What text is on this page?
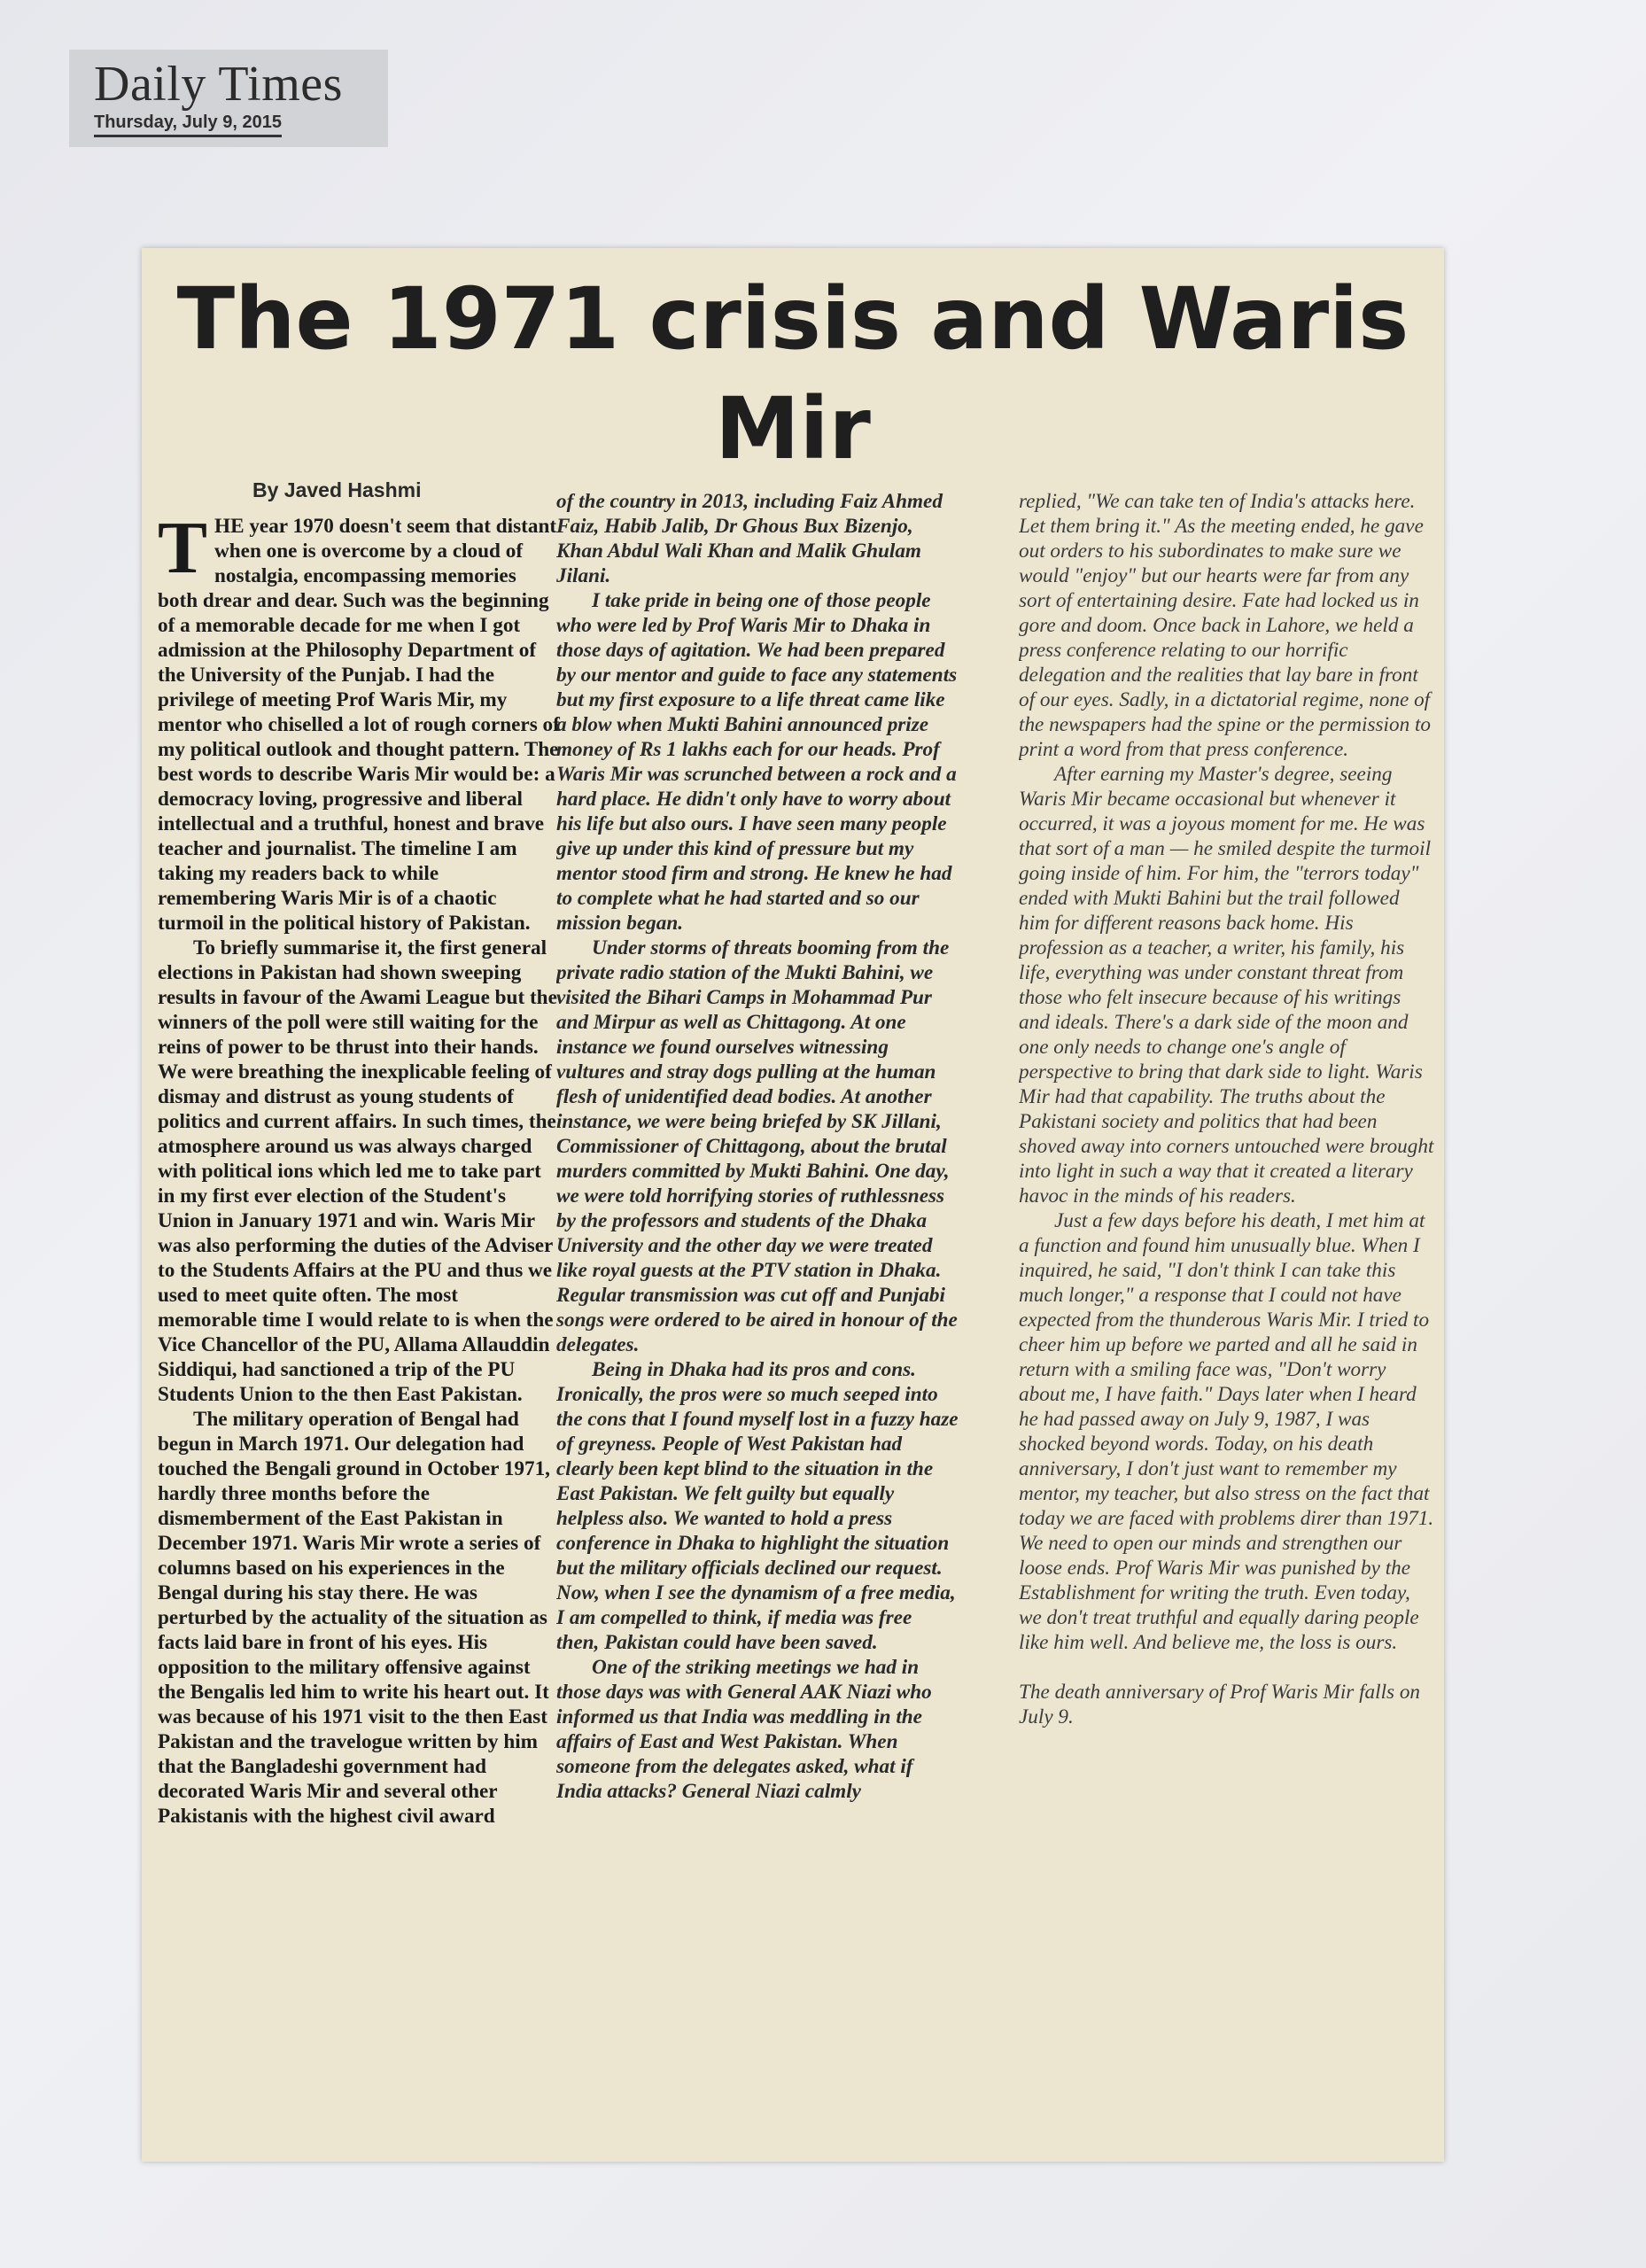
Daily Times
Thursday, July 9, 2015
The 1971 crisis and Waris Mir
By Javed Hashmi

THE year 1970 doesn't seem that distant when one is overcome by a cloud of nostalgia, encompassing memories both drear and dear. Such was the beginning of a memorable decade for me when I got admission at the Philosophy Department of the University of the Punjab. I had the privilege of meeting Prof Waris Mir, my mentor who chiselled a lot of rough corners of my political outlook and thought pattern. The best words to describe Waris Mir would be: a democracy loving, progressive and liberal intellectual and a truthful, honest and brave teacher and journalist. The timeline I am taking my readers back to while remembering Waris Mir is of a chaotic turmoil in the political history of Pakistan.

To briefly summarise it, the first general elections in Pakistan had shown sweeping results in favour of the Awami League but the winners of the poll were still waiting for the reins of power to be thrust into their hands. We were breathing the inexplicable feeling of dismay and distrust as young students of politics and current affairs. In such times, the atmosphere around us was always charged with political ions which led me to take part in my first ever election of the Student's Union in January 1971 and win. Waris Mir was also performing the duties of the Adviser to the Students Affairs at the PU and thus we used to meet quite often. The most memorable time I would relate to is when the Vice Chancellor of the PU, Allama Allauddin Siddiqui, had sanctioned a trip of the PU Students Union to the then East Pakistan.

The military operation of Bengal had begun in March 1971. Our delegation had touched the Bengali ground in October 1971, hardly three months before the dismemberment of the East Pakistan in December 1971. Waris Mir wrote a series of columns based on his experiences in the Bengal during his stay there. He was perturbed by the actuality of the situation as facts laid bare in front of his eyes. His opposition to the military offensive against the Bengalis led him to write his heart out. It was because of his 1971 visit to the then East Pakistan and the travelogue written by him that the Bangladeshi government had decorated Waris Mir and several other Pakistanis with the highest civil award

of the country in 2013, including Faiz Ahmed Faiz, Habib Jalib, Dr Ghous Bux Bizenjo, Khan Abdul Wali Khan and Malik Ghulam Jilani.

I take pride in being one of those people who were led by Prof Waris Mir to Dhaka in those days of agitation. We had been prepared by our mentor and guide to face any statements but my first exposure to a life threat came like a blow when Mukti Bahini announced prize money of Rs 1 lakhs each for our heads. Prof Waris Mir was scrunched between a rock and a hard place. He didn't only have to worry about his life but also ours. I have seen many people give up under this kind of pressure but my mentor stood firm and strong. He knew he had to complete what he had started and so our mission began.

Under storms of threats booming from the private radio station of the Mukti Bahini, we visited the Bihari Camps in Mohammad Pur and Mirpur as well as Chittagong. At one instance we found ourselves witnessing vultures and stray dogs pulling at the human flesh of unidentified dead bodies. At another instance, we were being briefed by SK Jillani, Commissioner of Chittagong, about the brutal murders committed by Mukti Bahini. One day, we were told horrifying stories of ruthlessness by the professors and students of the Dhaka University and the other day we were treated like royal guests at the PTV station in Dhaka. Regular transmission was cut off and Punjabi songs were ordered to be aired in honour of the delegates.

Being in Dhaka had its pros and cons. Ironically, the pros were so much seeped into the cons that I found myself lost in a fuzzy haze of greyness. People of West Pakistan had clearly been kept blind to the situation in the East Pakistan. We felt guilty but equally helpless also. We wanted to hold a press conference in Dhaka to highlight the situation but the military officials declined our request. Now, when I see the dynamism of a free media, I am compelled to think, if media was free then, Pakistan could have been saved.

One of the striking meetings we had in those days was with General AAK Niazi who informed us that India was meddling in the affairs of East and West Pakistan. When someone from the delegates asked, what if India attacks? General Niazi calmly

replied, "We can take ten of India's attacks here. Let them bring it." As the meeting ended, he gave out orders to his subordinates to make sure we would "enjoy" but our hearts were far from any sort of entertaining desire. Fate had locked us in gore and doom. Once back in Lahore, we held a press conference relating to our horrific delegation and the realities that lay bare in front of our eyes. Sadly, in a dictatorial regime, none of the newspapers had the spine or the permission to print a word from that press conference.

After earning my Master's degree, seeing Waris Mir became occasional but whenever it occurred, it was a joyous moment for me. He was that sort of a man — he smiled despite the turmoil going inside of him. For him, the "terrors today" ended with Mukti Bahini but the trail followed him for different reasons back home. His profession as a teacher, a writer, his family, his life, everything was under constant threat from those who felt insecure because of his writings and ideals. There's a dark side of the moon and one only needs to change one's angle of perspective to bring that dark side to light. Waris Mir had that capability. The truths about the Pakistani society and politics that had been shoved away into corners untouched were brought into light in such a way that it created a literary havoc in the minds of his readers.

Just a few days before his death, I met him at a function and found him unusually blue. When I inquired, he said, "I don't think I can take this much longer," a response that I could not have expected from the thunderous Waris Mir. I tried to cheer him up before we parted and all he said in return with a smiling face was, "Don't worry about me, I have faith." Days later when I heard he had passed away on July 9, 1987, I was shocked beyond words. Today, on his death anniversary, I don't just want to remember my mentor, my teacher, but also stress on the fact that today we are faced with problems direr than 1971. We need to open our minds and strengthen our loose ends. Prof Waris Mir was punished by the Establishment for writing the truth. Even today, we don't treat truthful and equally daring people like him well. And believe me, the loss is ours.

The death anniversary of Prof Waris Mir falls on July 9.
